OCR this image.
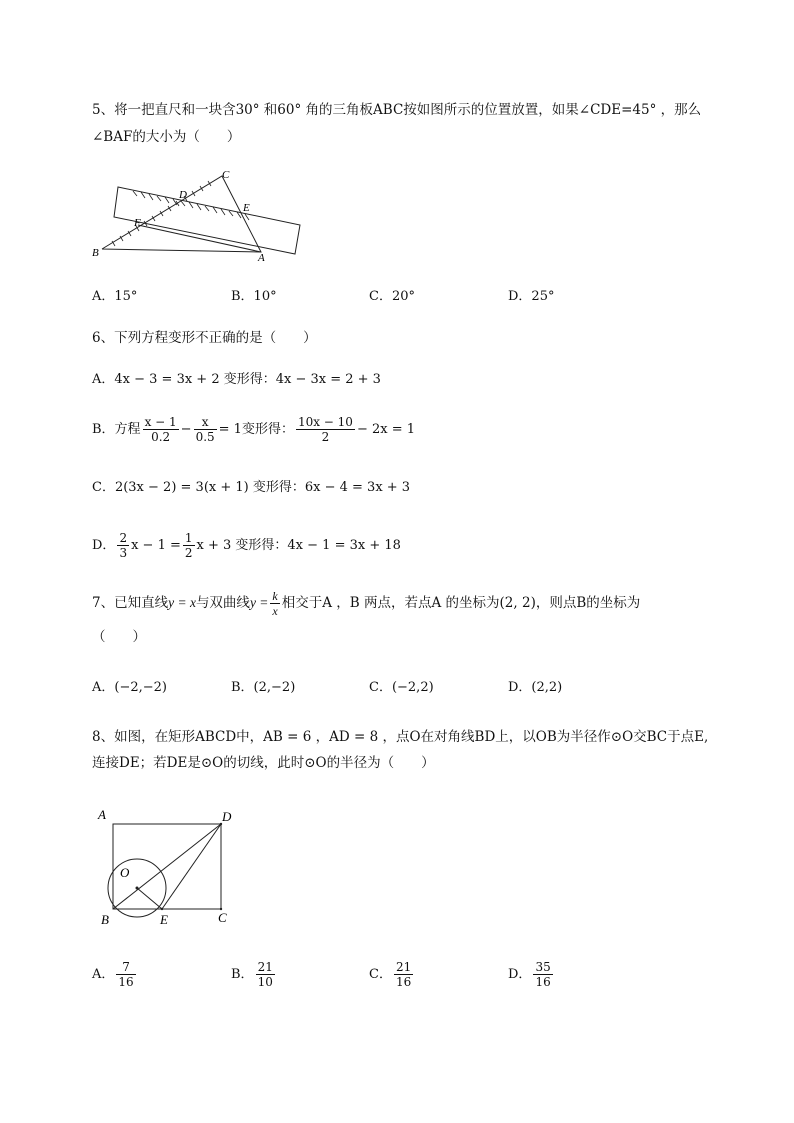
5、将一把直尺和一块含30° 和60° 角的三角板ABC按如图所示的位置放置，如果∠CDE=45° ，那么
∠BAF的大小为（　　）
B	A
C
D
E
F
A．15°	B．10°	C．20°	D．25°
6、下列方程变形不正确的是（　　）
A．4x − 3 = 3x + 2 变形得：4x − 3x = 2 + 3
B．方程 $\frac{x - 1}{0.2} - \frac{x}{0.5} = 1$变形得： $\frac{10x - 10}{2} - 2x = 1$
C．2(3x − 2) = 3(x + 1) 变形得：6x − 4 = 3x + 3
D． $\frac{2}{3}$ $x - 1 = \frac{1}{2}$ x + 3 变形得：4x − 1 = 3x + 18
7、已知直线y = x与双曲线$y = \frac{k}{x}$ 相交于A ，B 两点，若点A 的坐标为(2, 2)，则点B的坐标为
（　　）
A．(−2,−2)	B．(2,−2)	C．(−2,2)	D．(2,2)
8、如图，在矩形ABCD中，AB = 6 ，AD = 8 ，点O在对角线BD上，以OB为半径作⊙O交BC于点E,
连接DE；若DE是⊙O的切线，此时⊙O的半径为（　　）
A	D
B	E	C
O
A． $\frac{7}{16}$	B． $\frac{21}{10}$	C． $\frac{21}{16}$	D． $\frac{35}{16}$
